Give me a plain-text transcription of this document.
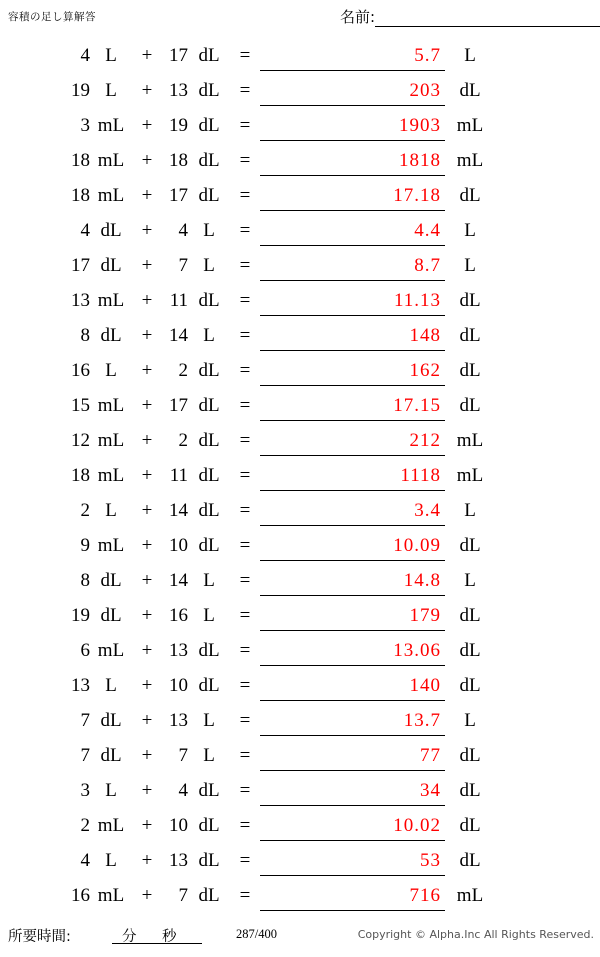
容積の足し算解答	名前:
4 L	+ 17 dL	=	5.7	L
19 L	+ 13 dL	=	203 dL
3 mL + 19 dL	=	1903 mL
18 mL + 18 dL	=	1818 mL
18 mL + 17 dL	=	17.18 dL
4 dL	+	4 L	=	4.4	L
17 dL	+	7 L	=	8.7	L
13 mL + 11 dL	=	11.13 dL
8 dL	+ 14 L	=	148 dL
16 L	+	2 dL	=	162 dL
15 mL + 17 dL	=	17.15 dL
12 mL +	2 dL	=	212 mL
18 mL + 11 dL	=	1118 mL
2 L	+ 14 dL	=	3.4	L
9 mL + 10 dL	=	10.09 dL
8 dL	+ 14 L	=	14.8	L
19 dL	+ 16 L	=	179 dL
6 mL + 13 dL	=	13.06 dL
13 L	+ 10 dL	=	140 dL
7 dL	+ 13 L	=	13.7	L
7 dL	+	7 L	=	77 dL
3 L	+	4 dL	=	34 dL
2 mL + 10 dL	=	10.02 dL
4 L	+ 13 dL	=	53 dL
16 mL +	7 dL	=	716 mL
所要時間:	分 秒	287/400	Copyright © Alpha.Inc All Rights Reserved.
